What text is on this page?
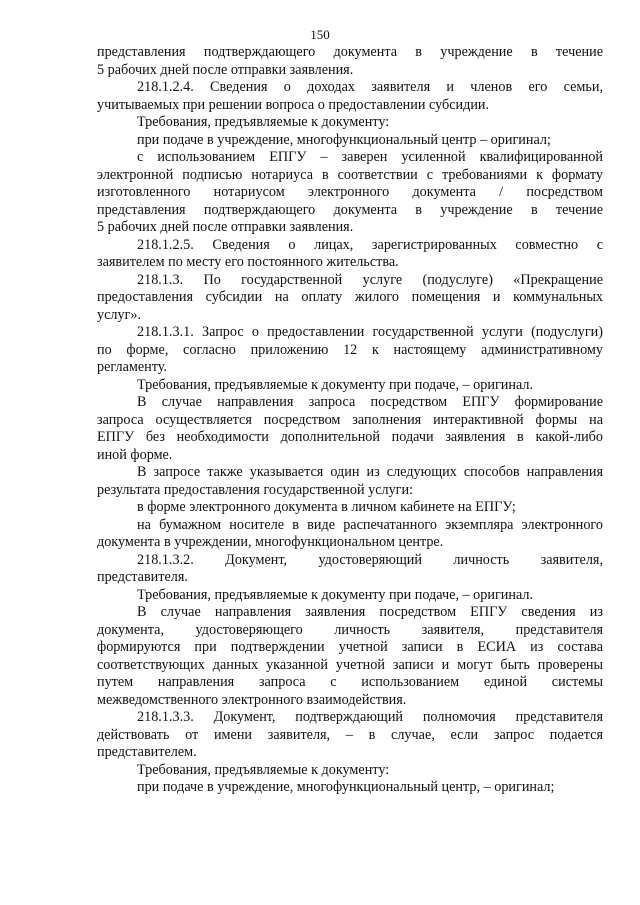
150
представления подтверждающего документа в учреждение в течение
5 рабочих дней после отправки заявления.
218.1.2.4. Сведения о доходах заявителя и членов его семьи,
учитываемых при решении вопроса о предоставлении субсидии.
Требования, предъявляемые к документу:
при подаче в учреждение, многофункциональный центр – оригинал;
с использованием ЕПГУ – заверен усиленной квалифицированной
электронной подписью нотариуса в соответствии с требованиями к формату
изготовленного нотариусом электронного документа / посредством
представления подтверждающего документа в учреждение в течение
5 рабочих дней после отправки заявления.
218.1.2.5. Сведения о лицах, зарегистрированных совместно с
заявителем по месту его постоянного жительства.
218.1.3. По государственной услуге (подуслуге) «Прекращение
предоставления субсидии на оплату жилого помещения и коммунальных
услуг».
218.1.3.1. Запрос о предоставлении государственной услуги (подуслуги)
по форме, согласно приложению 12 к настоящему административному
регламенту.
Требования, предъявляемые к документу при подаче, – оригинал.
В случае направления запроса посредством ЕПГУ формирование
запроса осуществляется посредством заполнения интерактивной формы на
ЕПГУ без необходимости дополнительной подачи заявления в какой-либо
иной форме.
В запросе также указывается один из следующих способов направления
результата предоставления государственной услуги:
в форме электронного документа в личном кабинете на ЕПГУ;
на бумажном носителе в виде распечатанного экземпляра электронного
документа в учреждении, многофункциональном центре.
218.1.3.2. Документ, удостоверяющий личность заявителя,
представителя.
Требования, предъявляемые к документу при подаче, – оригинал.
В случае направления заявления посредством ЕПГУ сведения из
документа, удостоверяющего личность заявителя, представителя
формируются при подтверждении учетной записи в ЕСИА из состава
соответствующих данных указанной учетной записи и могут быть проверены
путем направления запроса с использованием единой системы
межведомственного электронного взаимодействия.
218.1.3.3. Документ, подтверждающий полномочия представителя
действовать от имени заявителя, – в случае, если запрос подается
представителем.
Требования, предъявляемые к документу:
при подаче в учреждение, многофункциональный центр, – оригинал;
